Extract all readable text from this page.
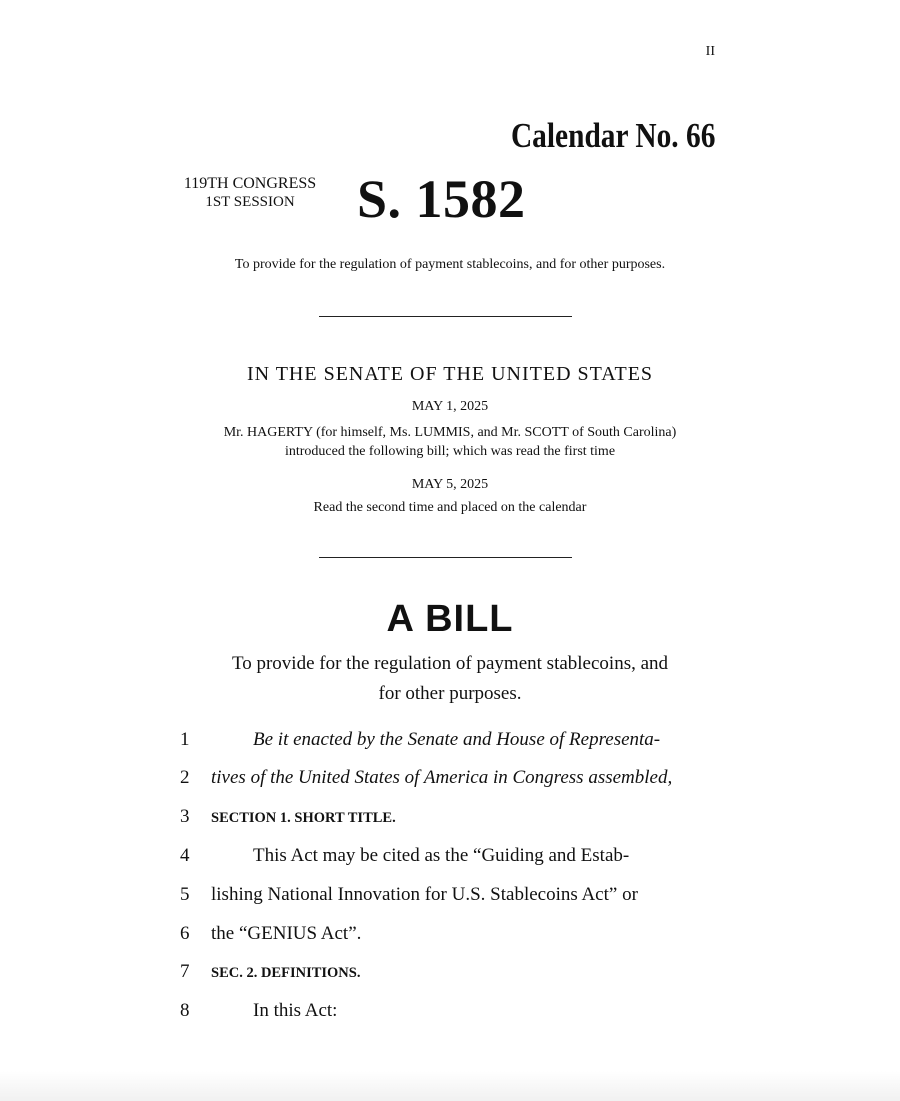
II
Calendar No. 66
119TH CONGRESS
1ST SESSION	S. 1582
To provide for the regulation of payment stablecoins, and for other purposes.
IN THE SENATE OF THE UNITED STATES
MAY 1, 2025
Mr. HAGERTY (for himself, Ms. LUMMIS, and Mr. SCOTT of South Carolina)
introduced the following bill; which was read the first time
MAY 5, 2025
Read the second time and placed on the calendar
A BILL
To provide for the regulation of payment stablecoins, and
for other purposes.
1	Be it enacted by the Senate and House of Representa-
2	tives of the United States of America in Congress assembled,
3	SECTION 1. SHORT TITLE.
4	This Act may be cited as the “Guiding and Estab-
5	lishing National Innovation for U.S. Stablecoins Act” or
6	the “GENIUS Act”.
7	SEC. 2. DEFINITIONS.
8	In this Act:
